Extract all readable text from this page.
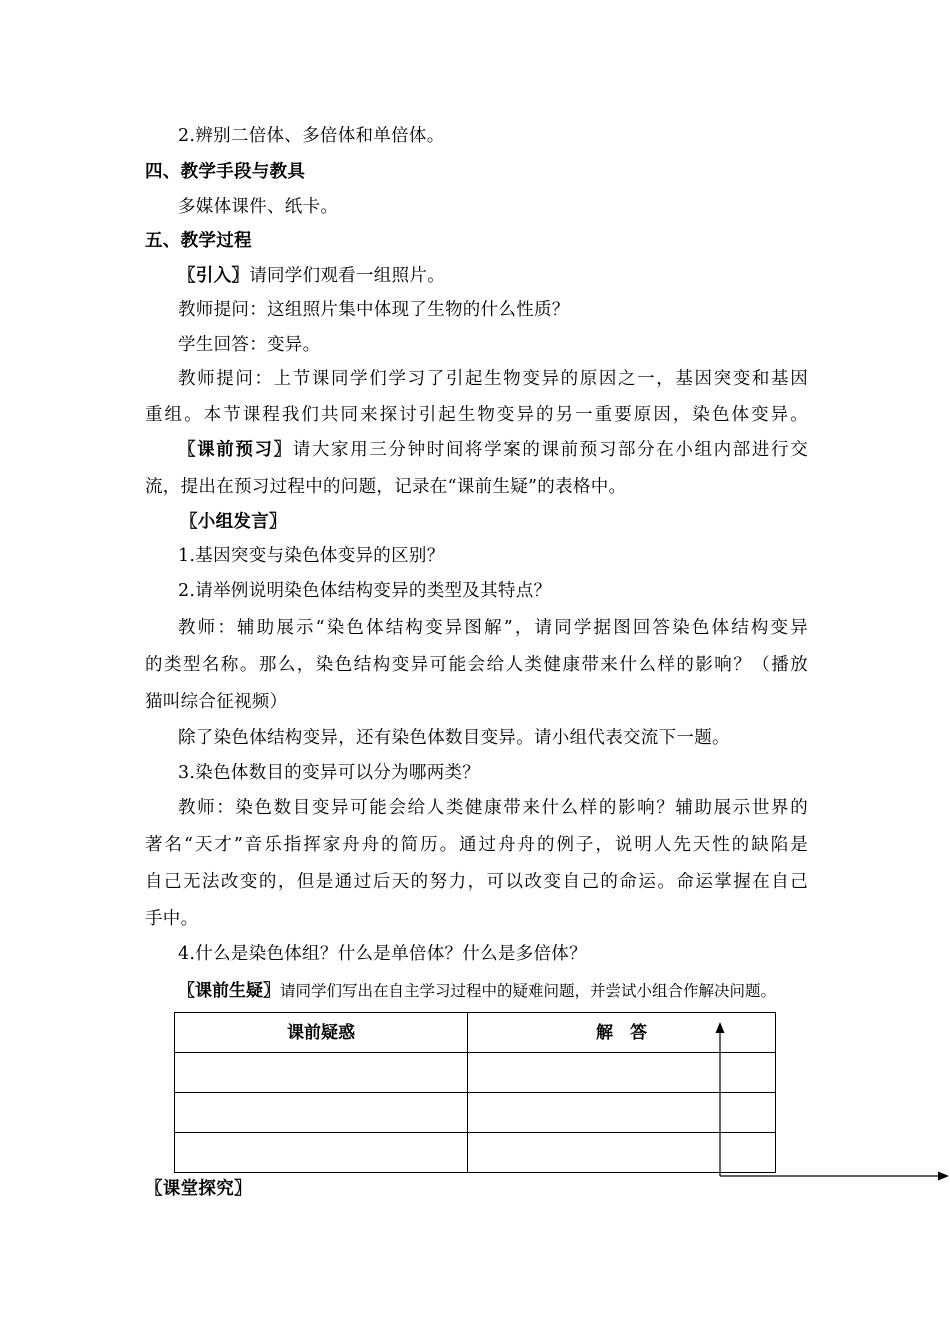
2.辨别二倍体、多倍体和单倍体。
四、教学手段与教具
多媒体课件、纸卡。
五、教学过程
〖引入〗请同学们观看一组照片。
教师提问：这组照片集中体现了生物的什么性质？
学生回答：变异。
教师提问：上节课同学们学习了引起生物变异的原因之一，基因突变和基因
重组。本节课程我们共同来探讨引起生物变异的另一重要原因，染色体变异。
〖课前预习〗请大家用三分钟时间将学案的课前预习部分在小组内部进行交
流，提出在预习过程中的问题，记录在“课前生疑”的表格中。
〖小组发言〗
1.基因突变与染色体变异的区别？
2.请举例说明染色体结构变异的类型及其特点？
教师：辅助展示“染色体结构变异图解”，请同学据图回答染色体结构变异
的类型名称。那么，染色结构变异可能会给人类健康带来什么样的影响？（播放
猫叫综合征视频）
除了染色体结构变异，还有染色体数目变异。请小组代表交流下一题。
3.染色体数目的变异可以分为哪两类？
教师：染色数目变异可能会给人类健康带来什么样的影响？辅助展示世界的
著名“天才”音乐指挥家舟舟的简历。通过舟舟的例子，说明人先天性的缺陷是
自己无法改变的，但是通过后天的努力，可以改变自己的命运。命运掌握在自己
手中。
4.什么是染色体组？什么是单倍体？什么是多倍体？
〖课前生疑〗请同学们写出在自主学习过程中的疑难问题，并尝试小组合作解决问题。
课前疑惑	解　答

〖课堂探究〗
